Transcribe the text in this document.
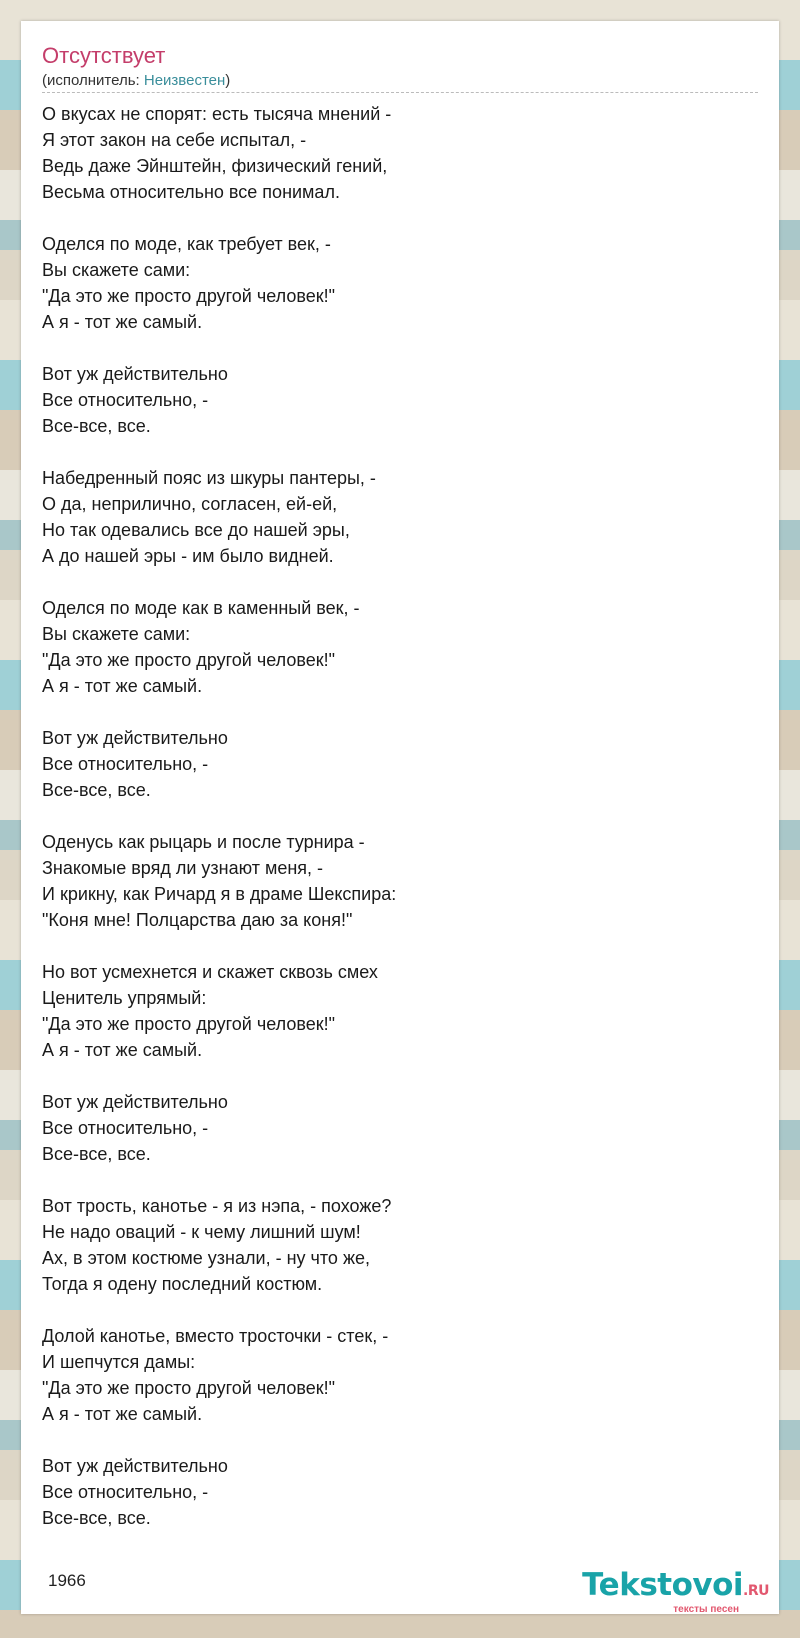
Отсутствует
(исполнитель: Неизвестен)
О вкусах не спорят: есть тысяча мнений -
Я этот закон на себе испытал, -
Ведь даже Эйнштейн, физический гений,
Весьма относительно все понимал.
Оделся по моде, как требует век, -
Вы скажете сами:
"Да это же просто другой человек!"
А я - тот же самый.
Вот уж действительно
Все относительно, -
Все-все, все.
Набедренный пояс из шкуры пантеры, -
О да, неприлично, согласен, ей-ей,
Но так одевались все до нашей эры,
А до нашей эры - им было видней.
Оделся по моде как в каменный век, -
Вы скажете сами:
"Да это же просто другой человек!"
А я - тот же самый.
Вот уж действительно
Все относительно, -
Все-все, все.
Оденусь как рыцарь и после турнира -
Знакомые вряд ли узнают меня, -
И крикну, как Ричард я в драме Шекспира:
"Коня мне! Полцарства даю за коня!"
Но вот усмехнется и скажет сквозь смех
Ценитель упрямый:
"Да это же просто другой человек!"
А я - тот же самый.
Вот уж действительно
Все относительно, -
Все-все, все.
Вот трость, канотье - я из нэпа, - похоже?
Не надо оваций - к чему лишний шум!
Ах, в этом костюме узнали, - ну что же,
Тогда я одену последний костюм.
Долой канотье, вместо тросточки - стек, -
И шепчутся дамы:
"Да это же просто другой человек!"
А я - тот же самый.
Вот уж действительно
Все относительно, -
Все-все, все.
1966	Tekstovoi.RU
тексты песен
